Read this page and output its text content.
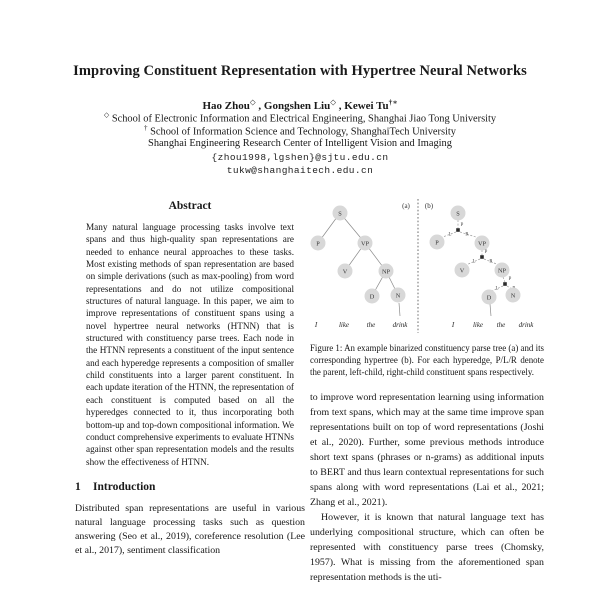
Improving Constituent Representation with Hypertree Neural Networks
Hao Zhou◇ , Gongshen Liu◇ , Kewei Tu†∗
◇ School of Electronic Information and Electrical Engineering, Shanghai Jiao Tong University
† School of Information Science and Technology, ShanghaiTech University
Shanghai Engineering Research Center of Intelligent Vision and Imaging
{zhou1998,lgshen}@sjtu.edu.cn
tukw@shanghaitech.edu.cn
Abstract
Many natural language processing tasks involve text spans and thus high-quality span representations are needed to enhance neural approaches to these tasks. Most existing methods of span representation are based on simple derivations (such as max-pooling) from word representations and do not utilize compositional structures of natural language. In this paper, we aim to improve representations of constituent spans using a novel hypertree neural networks (HTNN) that is structured with constituency parse trees. Each node in the HTNN represents a constituent of the input sentence and each hyperedge represents a composition of smaller child constituents into a larger parent constituent. In each update iteration of the HTNN, the representation of each constituent is computed based on all the hyperedges connected to it, thus incorporating both bottom-up and top-down compositional information. We conduct comprehensive experiments to evaluate HTNNs against other span representation models and the results show the effectiveness of HTNN.
1 Introduction
Distributed span representations are useful in various natural language processing tasks such as question answering (Seo et al., 2019), coreference resolution (Lee et al., 2017), sentiment classification
(a) (b)
S
P	VP
V	NP
D	N
I	like	the drink
P
L	R
P
L	R
P
L
S
P	VP
V	NP
D	N
I	like the drink
Figure 1: An example binarized constituency parse tree (a) and its corresponding hypertree (b). For each hyperedge, P/L/R denote the parent, left-child, right-child constituent spans respectively.
to improve word representation learning using information from text spans, which may at the same time improve span representations built on top of word representations (Joshi et al., 2020). Further, some previous methods introduce short text spans (phrases or n-grams) as additional inputs to BERT and thus learn contextual representations for such spans along with word representations (Lai et al., 2021; Zhang et al., 2021).
However, it is known that natural language text has underlying compositional structure, which can often be represented with constituency parse trees (Chomsky, 1957). What is missing from the aforementioned span representation methods is the uti-
